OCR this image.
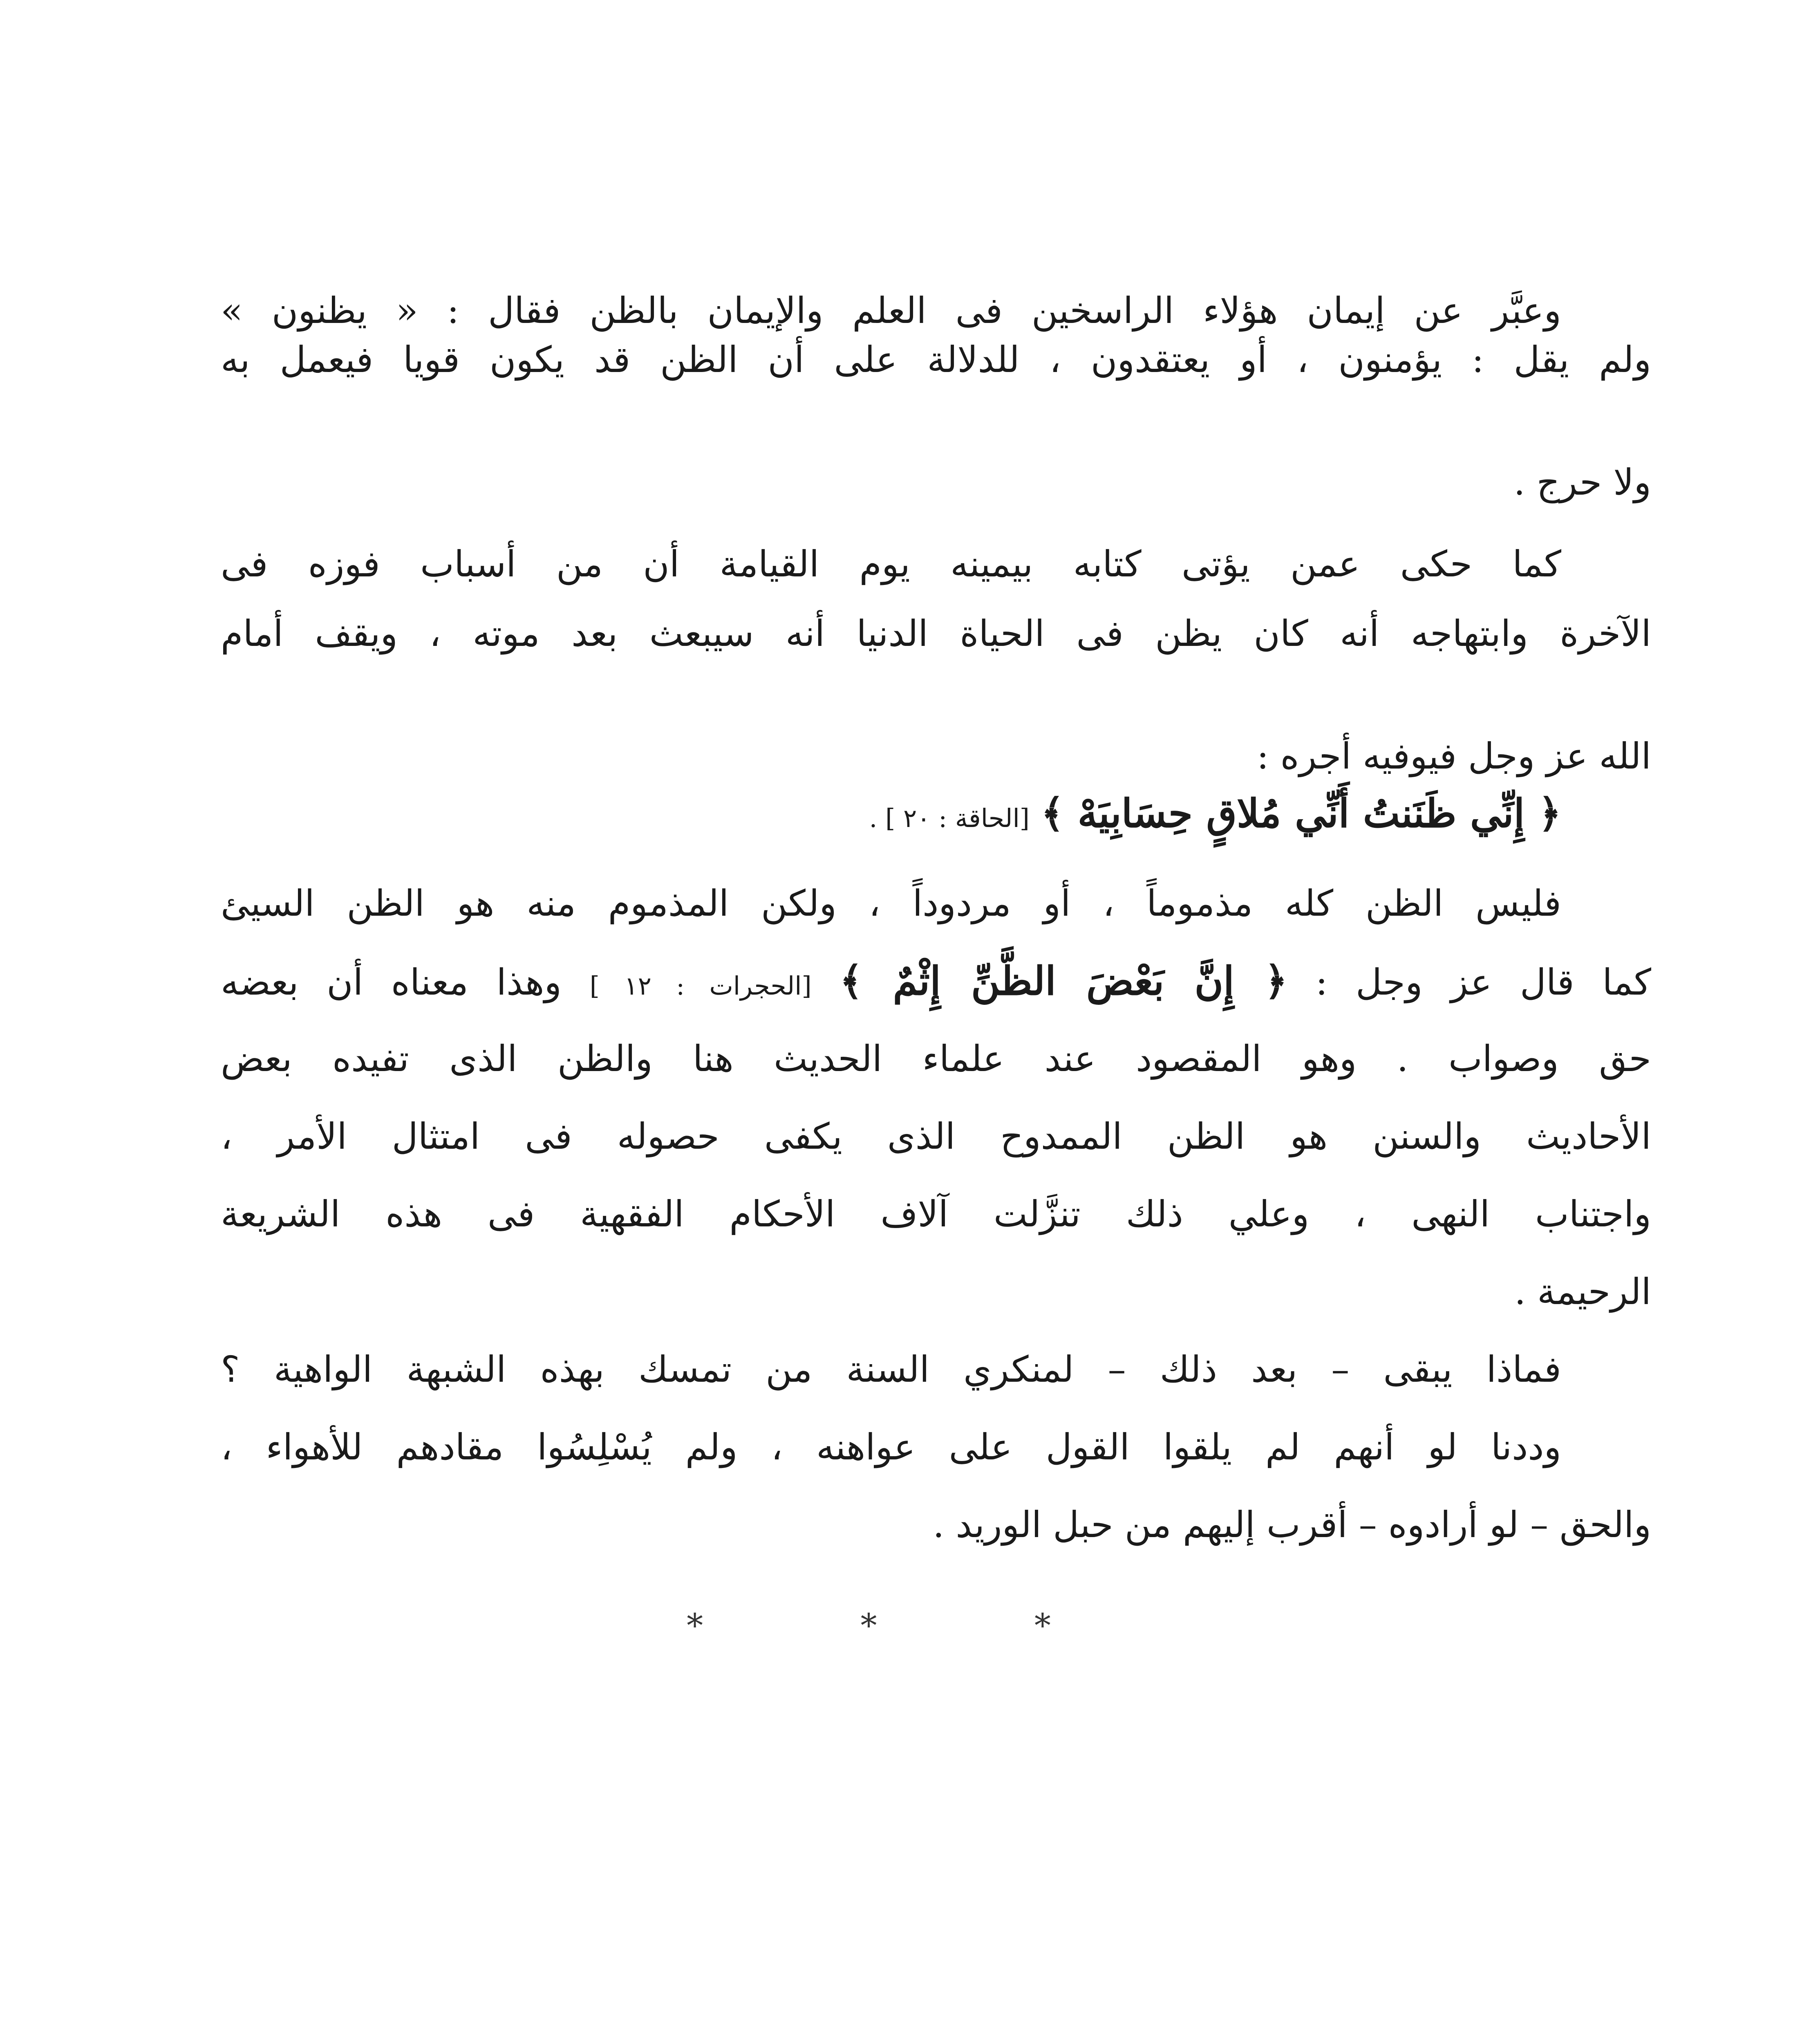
وعبَّر عن إيمان هؤلاء الراسخين فى العلم والإيمان بالظن فقال : « يظنون »
ولم يقل : يؤمنون ، أو يعتقدون ، للدلالة على أن الظن قد يكون قويا فيعمل به
ولا حرج .
كما حكى عمن يؤتى كتابه بيمينه يوم القيامة أن من أسباب فوزه فى
الآخرة وابتهاجه أنه كان يظن فى الحياة الدنيا أنه سيبعث بعد موته ، ويقف أمام
الله عز وجل فيوفيه أجره :
﴿ إِنِّي ظَنَنتُ أَنِّي مُلاقٍ حِسَابِيَهْ ﴾ [الحاقة : ٢٠ ] .
فليس الظن كله مذموماً ، أو مردوداً ، ولكن المذموم منه هو الظن السيئ
كما قال عز وجل : ﴿ إِنَّ بَعْضَ الظَّنِّ إِثْمٌ ﴾ [الحجرات : ١٢ ] وهذا معناه أن بعضه
حق وصواب . وهو المقصود عند علماء الحديث هنا والظن الذى تفيده بعض
الأحاديث والسنن هو الظن الممدوح الذى يكفى حصوله فى امتثال الأمر ،
واجتناب النهى ، وعلي ذلك تنزَّلت آلاف الأحكام الفقهية فى هذه الشريعة
الرحيمة .
فماذا يبقى – بعد ذلك – لمنكري السنة من تمسك بهذه الشبهة الواهية ؟
وددنا لو أنهم لم يلقوا القول على عواهنه ، ولم يُسْلِسُوا مقادهم للأهواء ،
والحق – لو أرادوه – أقرب إليهم من حبل الوريد .
* * *
